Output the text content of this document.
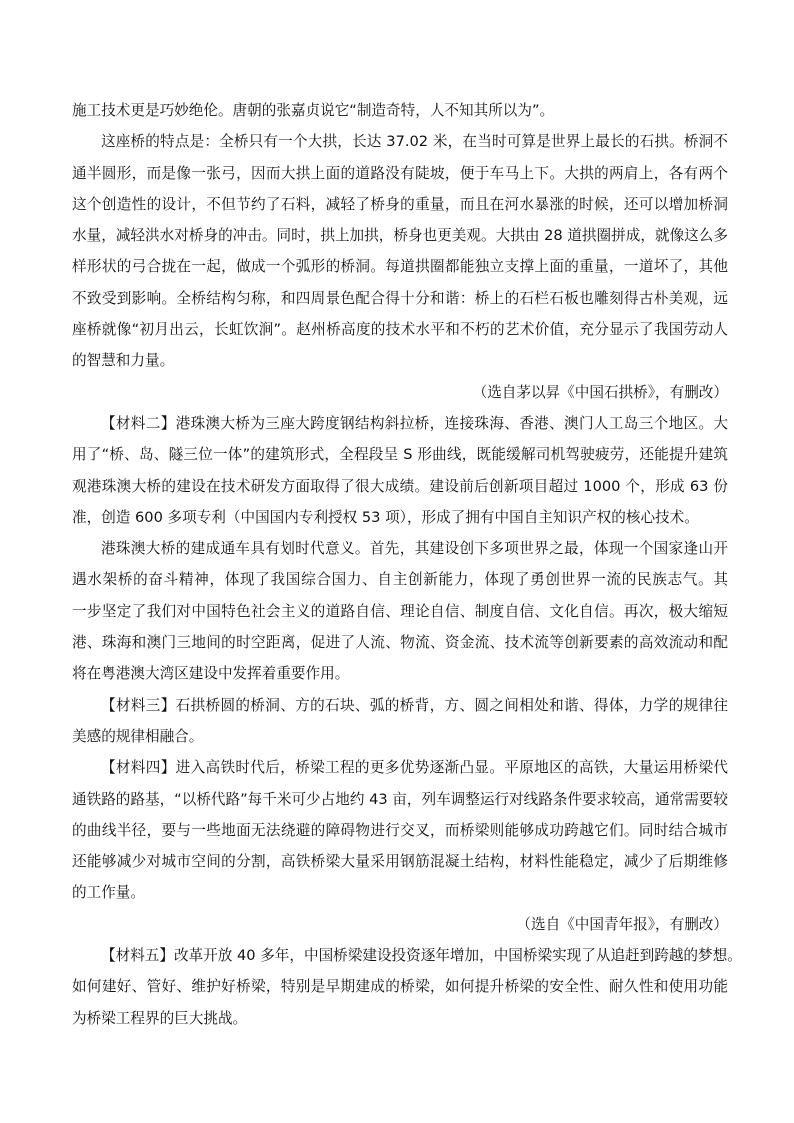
施工技术更是巧妙绝伦。唐朝的张嘉贞说它“制造奇特，人不知其所以为”。
这座桥的特点是：全桥只有一个大拱，长达 37.02 米，在当时可算是世界上最长的石拱。桥洞不
通半圆形，而是像一张弓，因而大拱上面的道路没有陡坡，便于车马上下。大拱的两肩上，各有两个
这个创造性的设计，不但节约了石料，减轻了桥身的重量，而且在河水暴涨的时候，还可以增加桥洞
水量，减轻洪水对桥身的冲击。同时，拱上加拱，桥身也更美观。大拱由 28 道拱圈拼成，就像这么多
样形状的弓合拢在一起，做成一个弧形的桥洞。每道拱圈都能独立支撑上面的重量，一道坏了，其他
不致受到影响。全桥结构匀称，和四周景色配合得十分和谐：桥上的石栏石板也雕刻得古朴美观，远
座桥就像“初月出云，长虹饮涧”。赵州桥高度的技术水平和不朽的艺术价值，充分显示了我国劳动人
的智慧和力量。
（选自茅以昇《中国石拱桥》，有删改）
【材料二】港珠澳大桥为三座大跨度钢结构斜拉桥，连接珠海、香港、澳门人工岛三个地区。大
用了“桥、岛、隧三位一体”的建筑形式，全程段呈 S 形曲线，既能缓解司机驾驶疲劳，还能提升建筑
观港珠澳大桥的建设在技术研发方面取得了很大成绩。建设前后创新项目超过 1000 个，形成 63 份
准，创造 600 多项专利（中国国内专利授权 53 项），形成了拥有中国自主知识产权的核心技术。
港珠澳大桥的建成通车具有划时代意义。首先，其建设创下多项世界之最，体现一个国家逢山开
遇水架桥的奋斗精神，体现了我国综合国力、自主创新能力，体现了勇创世界一流的民族志气。其
一步坚定了我们对中国特色社会主义的道路自信、理论自信、制度自信、文化自信。再次，极大缩短
港、珠海和澳门三地间的时空距离，促进了人流、物流、资金流、技术流等创新要素的高效流动和配
将在粤港澳大湾区建设中发挥着重要作用。
【材料三】石拱桥圆的桥洞、方的石块、弧的桥背，方、圆之间相处和谐、得体，力学的规律往
美感的规律相融合。
【材料四】进入高铁时代后，桥梁工程的更多优势逐渐凸显。平原地区的高铁，大量运用桥梁代
通铁路的路基，“以桥代路”每千米可少占地约 43 亩，列车调整运行对线路条件要求较高，通常需要较
的曲线半径，要与一些地面无法绕避的障碍物进行交叉，而桥梁则能够成功跨越它们。同时结合城市
还能够减少对城市空间的分割，高铁桥梁大量采用钢筋混凝土结构，材料性能稳定，减少了后期维修
的工作量。
（选自《中国青年报》，有删改）
【材料五】改革开放 40 多年，中国桥梁建设投资逐年增加，中国桥梁实现了从追赶到跨越的梦想。
如何建好、管好、维护好桥梁，特别是早期建成的桥梁，如何提升桥梁的安全性、耐久性和使用功能
为桥梁工程界的巨大挑战。
